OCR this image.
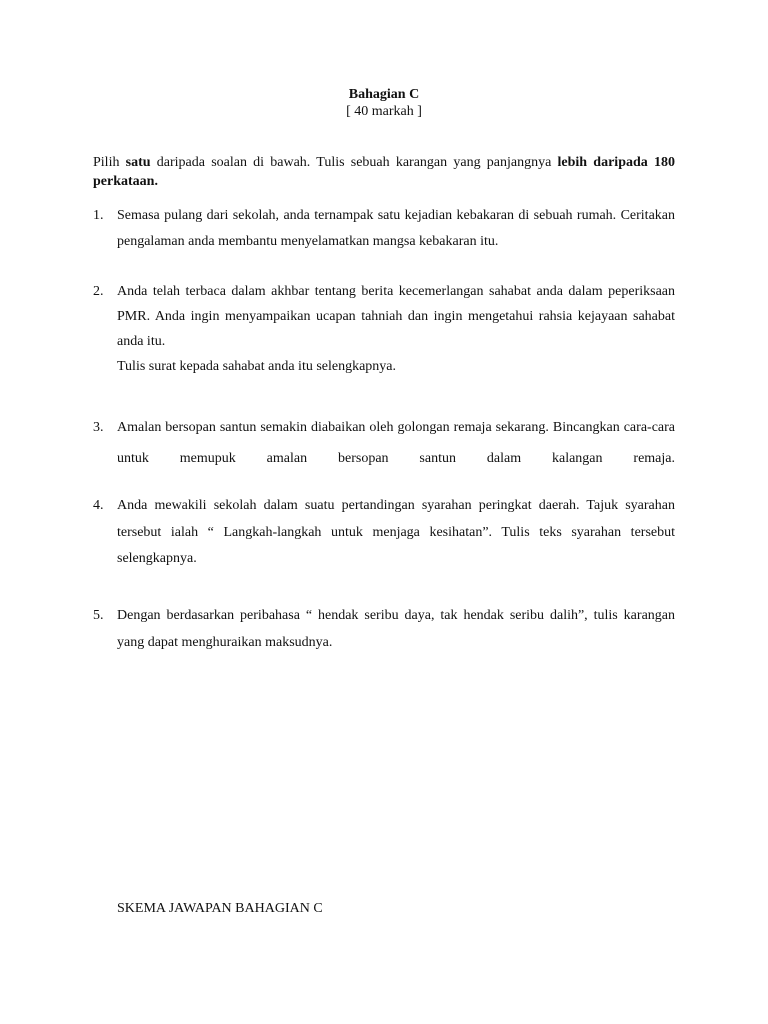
Bahagian C
[ 40 markah ]
Pilih satu daripada soalan di bawah. Tulis sebuah karangan yang panjangnya lebih daripada 180 perkataan.
1. Semasa pulang dari sekolah, anda ternampak satu kejadian kebakaran di sebuah rumah. Ceritakan pengalaman anda membantu menyelamatkan mangsa kebakaran itu.

2. Anda telah terbaca dalam akhbar tentang berita kecemerlangan sahabat anda dalam peperiksaan PMR. Anda ingin menyampaikan ucapan tahniah dan ingin mengetahui rahsia kejayaan sahabat anda itu.

Tulis surat kepada sahabat anda itu selengkapnya.

3. Amalan bersopan santun semakin diabaikan oleh golongan remaja sekarang. Bincangkan cara-cara untuk memupuk amalan bersopan santun dalam kalangan remaja.

4. Anda mewakili sekolah dalam suatu pertandingan syarahan peringkat daerah. Tajuk syarahan tersebut ialah “ Langkah-langkah untuk menjaga kesihatan”. Tulis teks syarahan tersebut selengkapnya.

5. Dengan berdasarkan peribahasa “ hendak seribu daya, tak hendak seribu dalih”, tulis karangan yang dapat menghuraikan maksudnya.

SKEMA JAWAPAN BAHAGIAN C
